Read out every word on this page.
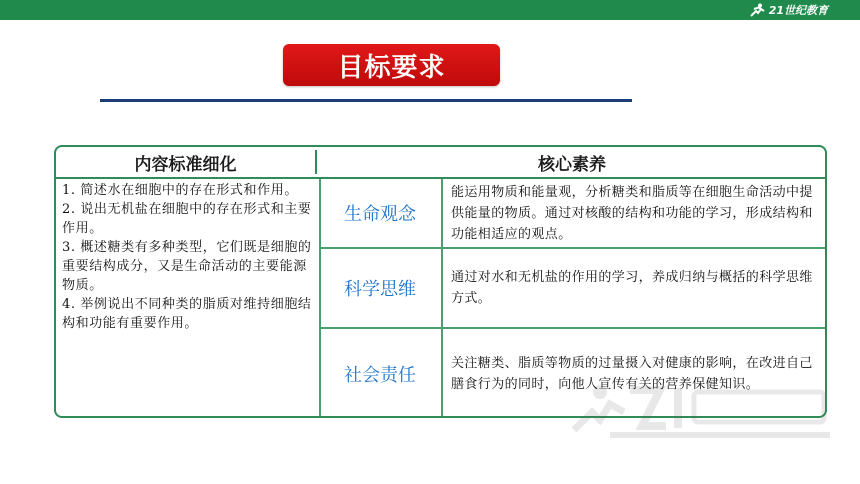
21世纪教育
目标要求
内容标准细化	核心素养

1. 简述水在细胞中的存在形式和作用。

2. 说出无机盐在细胞中的存在形式和主要作用。

3. 概述糖类有多种类型，它们既是细胞的重要结构成分，又是生命活动的主要能源物质。

4. 举例说出不同种类的脂质对维持细胞结构和功能有重要作用。

生命观念
能运用物质和能量观，分析糖类和脂质等在细胞生命活动中提供能量的物质。通过对核酸的结构和功能的学习，形成结构和功能相适应的观点。
科学思维
通过对水和无机盐的作用的学习，养成归纳与概括的科学思维方式。
社会责任
关注糖类、脂质等物质的过量摄入对健康的影响，在改进自己膳食行为的同时，向他人宣传有关的营养保健知识。
